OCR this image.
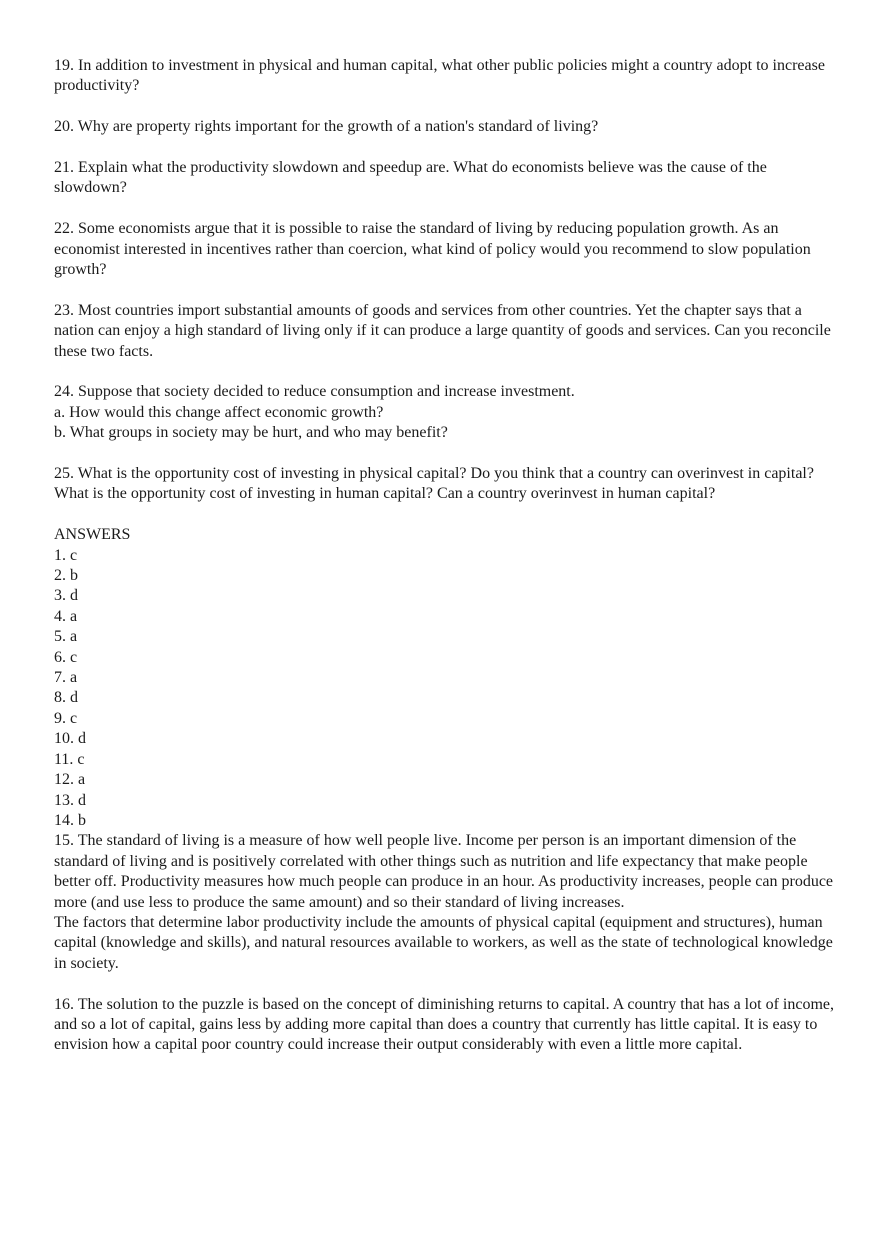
19. In addition to investment in physical and human capital, what other public policies might a country adopt to increase productivity?

20. Why are property rights important for the growth of a nation's standard of living?

21. Explain what the productivity slowdown and speedup are. What do economists believe was the cause of the slowdown?

22. Some economists argue that it is possible to raise the standard of living by reducing population growth. As an economist interested in incentives rather than coercion, what kind of policy would you recommend to slow population growth?

23. Most countries import substantial amounts of goods and services from other countries. Yet the chapter says that a nation can enjoy a high standard of living only if it can produce a large quantity of goods and services. Can you reconcile these two facts.

24. Suppose that society decided to reduce consumption and increase investment.

a. How would this change affect economic growth?

b. What groups in society may be hurt, and who may benefit?

25. What is the opportunity cost of investing in physical capital? Do you think that a country can overinvest in capital? What is the opportunity cost of investing in human capital? Can a country overinvest in human capital?

ANSWERS

1. c
2. b
3. d
4. a
5. a
6. c
7. a
8. d
9. c
10. d
11. c
12. a
13. d
14. b

15. The standard of living is a measure of how well people live. Income per person is an important dimension of the standard of living and is positively correlated with other things such as nutrition and life expectancy that make people better off. Productivity measures how much people can produce in an hour. As productivity increases, people can produce more (and use less to produce the same amount) and so their standard of living increases.

The factors that determine labor productivity include the amounts of physical capital (equipment and structures), human capital (knowledge and skills), and natural resources available to workers, as well as the state of technological knowledge in society.

16. The solution to the puzzle is based on the concept of diminishing returns to capital. A country that has a lot of income, and so a lot of capital, gains less by adding more capital than does a country that currently has little capital. It is easy to envision how a capital poor country could increase their output considerably with even a little more capital.
